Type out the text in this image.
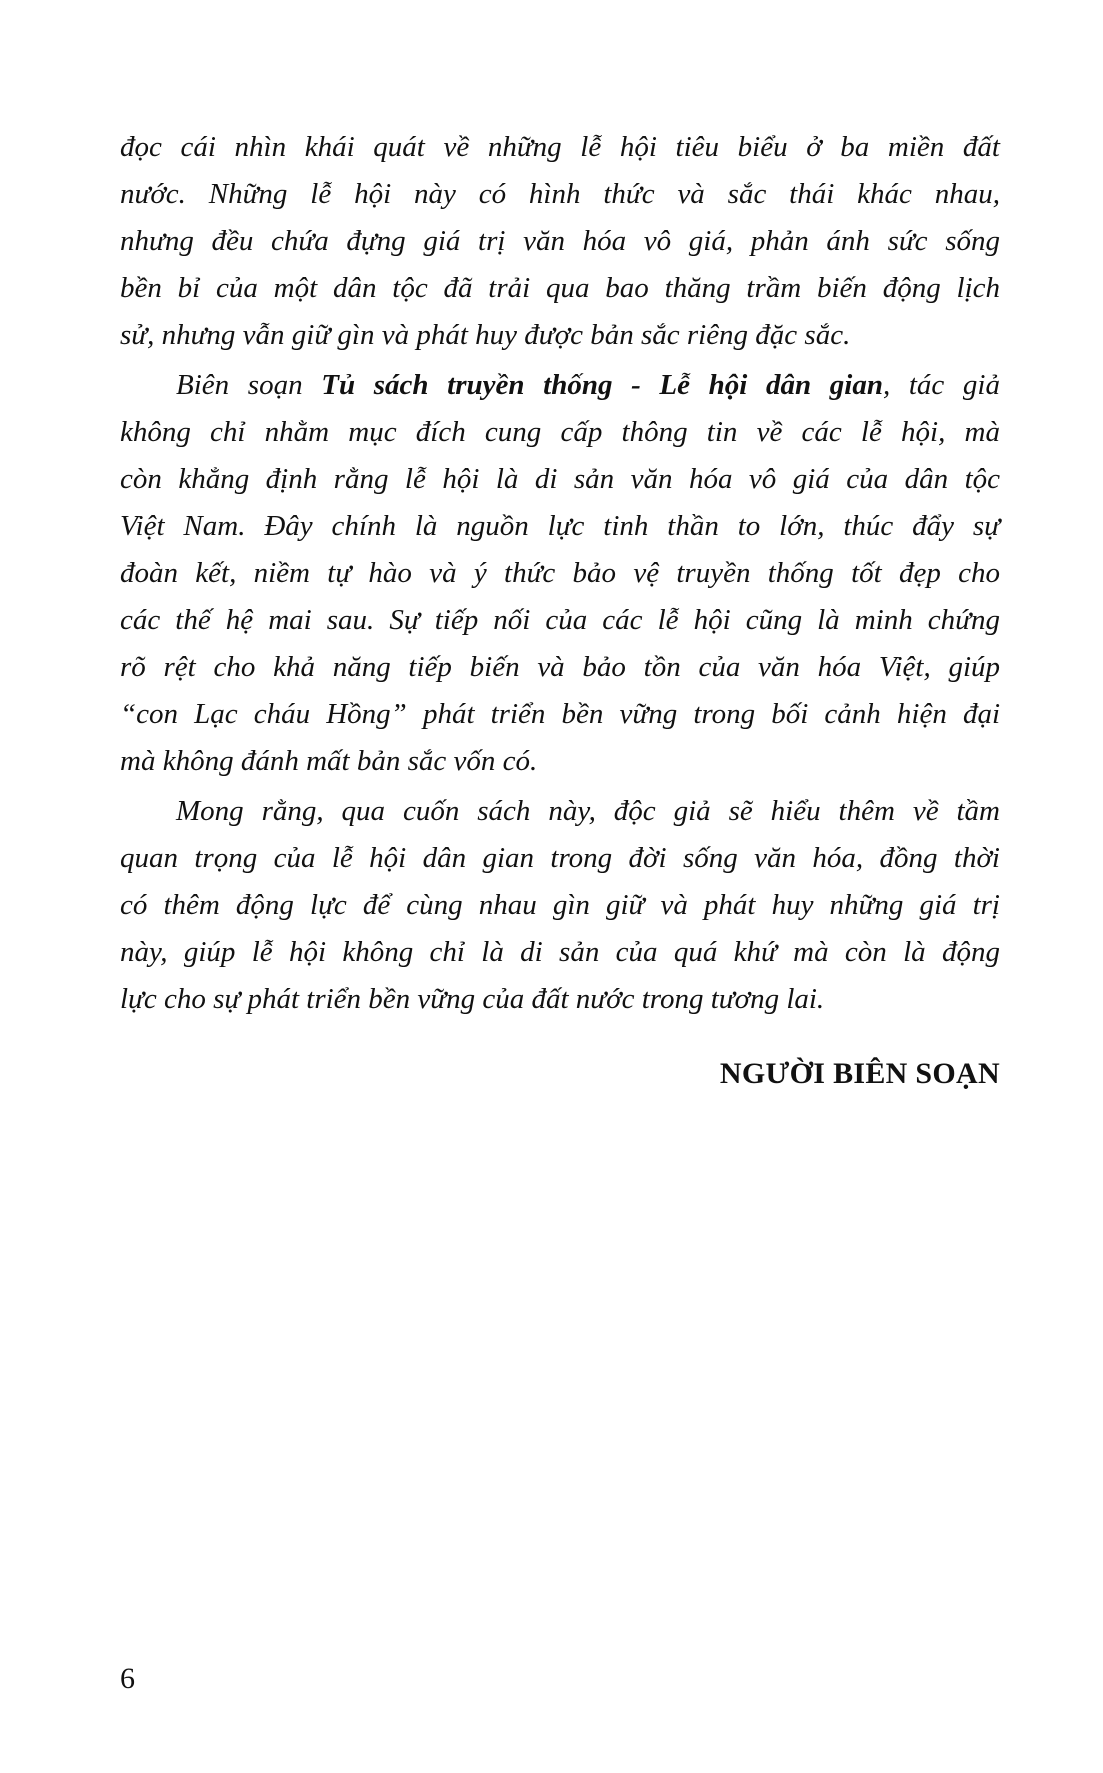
đọc cái nhìn khái quát về những lễ hội tiêu biểu ở ba miền đất
nước. Những lễ hội này có hình thức và sắc thái khác nhau,
nhưng đều chứa đựng giá trị văn hóa vô giá, phản ánh sức sống
bền bỉ của một dân tộc đã trải qua bao thăng trầm biến động lịch
sử, nhưng vẫn giữ gìn và phát huy được bản sắc riêng đặc sắc.
Biên soạn Tủ sách truyền thống - Lễ hội dân gian, tác giả
không chỉ nhằm mục đích cung cấp thông tin về các lễ hội, mà
còn khẳng định rằng lễ hội là di sản văn hóa vô giá của dân tộc
Việt Nam. Đây chính là nguồn lực tinh thần to lớn, thúc đẩy sự
đoàn kết, niềm tự hào và ý thức bảo vệ truyền thống tốt đẹp cho
các thế hệ mai sau. Sự tiếp nối của các lễ hội cũng là minh chứng
rõ rệt cho khả năng tiếp biến và bảo tồn của văn hóa Việt, giúp
“con Lạc cháu Hồng” phát triển bền vững trong bối cảnh hiện đại
mà không đánh mất bản sắc vốn có.
Mong rằng, qua cuốn sách này, độc giả sẽ hiểu thêm về tầm
quan trọng của lễ hội dân gian trong đời sống văn hóa, đồng thời
có thêm động lực để cùng nhau gìn giữ và phát huy những giá trị
này, giúp lễ hội không chỉ là di sản của quá khứ mà còn là động
lực cho sự phát triển bền vững của đất nước trong tương lai.
NGƯỜI BIÊN SOẠN
6
